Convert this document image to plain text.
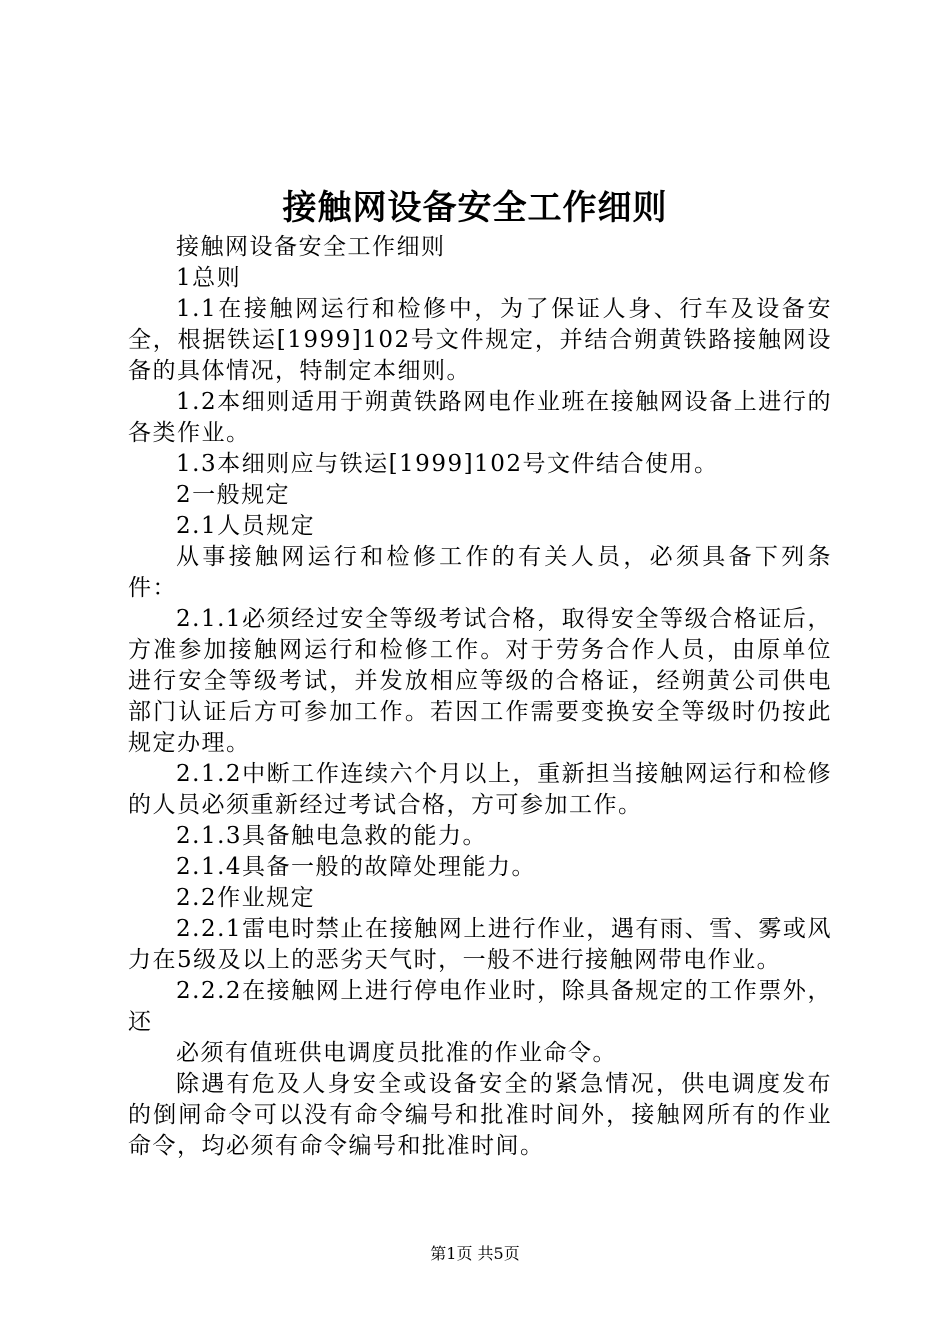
接触网设备安全工作细则

接触网设备安全工作细则

1总则

1.1在接触网运行和检修中，为了保证人身、行车及设备安全，根据铁运[1999]102号文件规定，并结合朔黄铁路接触网设备的具体情况，特制定本细则。

1.2本细则适用于朔黄铁路网电作业班在接触网设备上进行的各类作业。

1.3本细则应与铁运[1999]102号文件结合使用。

2一般规定

2.1人员规定

从事接触网运行和检修工作的有关人员，必须具备下列条件：

2.1.1必须经过安全等级考试合格，取得安全等级合格证后，方准参加接触网运行和检修工作。对于劳务合作人员，由原单位进行安全等级考试，并发放相应等级的合格证，经朔黄公司供电部门认证后方可参加工作。若因工作需要变换安全等级时仍按此规定办理。

2.1.2中断工作连续六个月以上，重新担当接触网运行和检修的人员必须重新经过考试合格，方可参加工作。

2.1.3具备触电急救的能力。

2.1.4具备一般的故障处理能力。

2.2作业规定

2.2.1雷电时禁止在接触网上进行作业，遇有雨、雪、雾或风力在5级及以上的恶劣天气时，一般不进行接触网带电作业。

2.2.2在接触网上进行停电作业时，除具备规定的工作票外，还

必须有值班供电调度员批准的作业命令。

除遇有危及人身安全或设备安全的紧急情况，供电调度发布的倒闸命令可以没有命令编号和批准时间外，接触网所有的作业命令，均必须有命令编号和批准时间。

第1页 共5页
